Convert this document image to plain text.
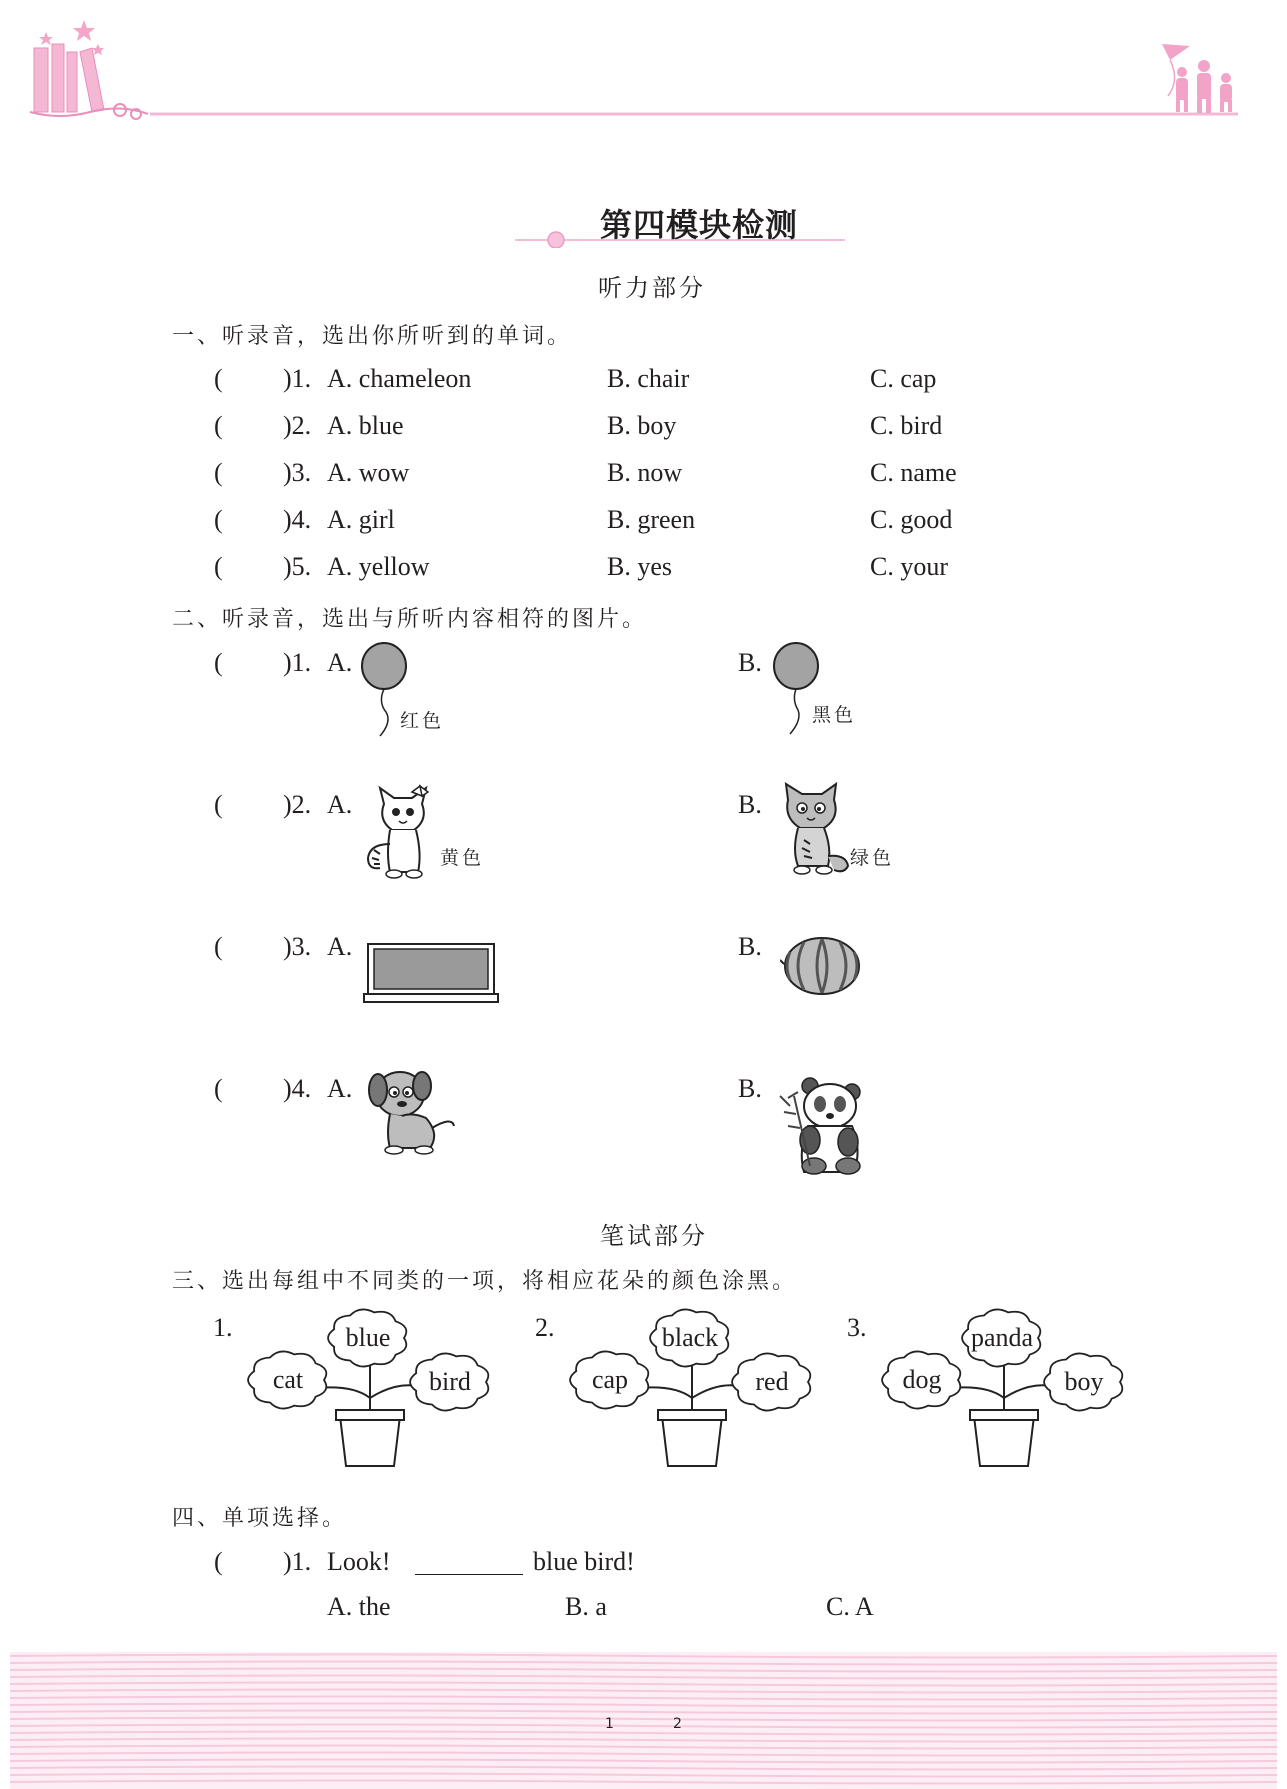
第四模块检测
听力部分
一、听录音，选出你所听到的单词。
( )1. A. chameleon	B. chair	C. cap
( )2. A. blue	B. boy	C. bird
( )3. A. wow	B. now	C. name
( )4. A. girl	B. green	C. good
( )5. A. yellow	B. yes	C. your
二、听录音，选出与所听内容相符的图片。
( )1. A.
红色
B.
黑色
( )2. A.
黄色
B.
绿色
( )3. A.	B.
( )4. A.	B.
笔试部分
三、选出每组中不同类的一项，将相应花朵的颜色涂黑。
1.
cat
blue
bird
2.
cap
black
red
3.
dog
panda
boy
四、单项选择。
( )1. Look!	blue bird!
A. the	B. a	C. A
1	2
